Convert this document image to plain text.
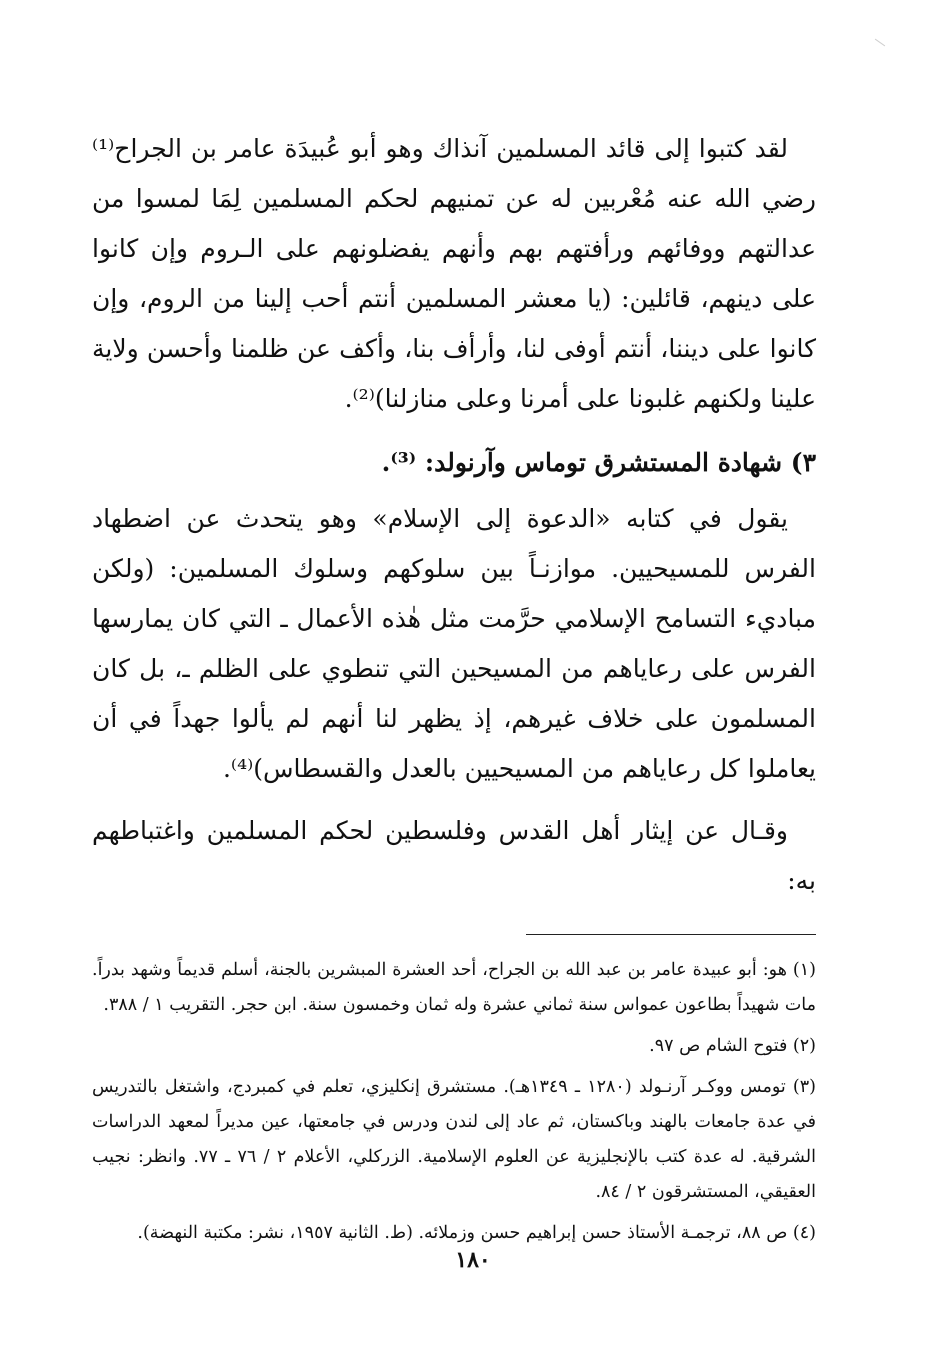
لقد كتبوا إلى قائد المسلمين آنذاك وهو أبو عُبيدَة عامر بن الجراح⁽¹⁾ رضي الله عنه مُعْربين له عن تمنيهم لحكم المسلمين لِمَا لمسوا من عدالتهم ووفائهم ورأفتهم بهم وأنهم يفضلونهم على الـروم وإن كانوا على دينهم، قائلين: (يا معشر المسلمين أنتم أحب إلينا من الروم، وإن كانوا على ديننا، أنتم أوفى لنا، وأرأف بنا، وأكف عن ظلمنا وأحسن ولاية علينا ولكنهم غلبونا على أمرنا وعلى منازلنا)⁽²⁾.

٣) شهادة المستشرق توماس وآرنولد: ⁽³⁾.

يقول في كتابه «الدعوة إلى الإسلام» وهو يتحدث عن اضطهاد الفرس للمسيحيين. موازنـاً بين سلوكهم وسلوك المسلمين: (ولكن مباديء التسامح الإسلامي حرَّمت مثل هٰذه الأعمال ـ التي كان يمارسها الفرس على رعاياهم من المسيحين التي تنطوي على الظلم ـ، بل كان المسلمون على خلاف غيرهم، إذ يظهر لنا أنهم لم يألوا جهداً في أن يعاملوا كل رعاياهم من المسيحيين بالعدل والقسطاس)⁽⁴⁾.

وقـال عن إيثار أهل القدس وفلسطين لحكم المسلمين واغتباطهم به:

(١) هو: أبو عبيدة عامر بن عبد الله بن الجراح، أحد العشرة المبشرين بالجنة، أسلم قديماً وشهد بدراً. مات شهيداً بطاعون عمواس سنة ثماني عشرة وله ثمان وخمسون سنة. ابن حجر. التقريب ١ / ٣٨٨.

(٢) فتوح الشام ص ٩٧.

(٣) تومس ووكـر آرنـولد (١٢٨٠ ـ ١٣٤٩هـ). مستشرق إنكليزي، تعلم في كمبردج، واشتغل بالتدريس في عدة جامعات بالهند وباكستان، ثم عاد إلى لندن ودرس في جامعتها، عين مديراً لمعهد الدراسات الشرقية. له عدة كتب بالإنجليزية عن العلوم الإسلامية. الزركلي، الأعلام ٢ / ٧٦ ـ ٧٧. وانظر: نجيب العقيقي، المستشرقون ٢ / ٨٤.

(٤) ص ٨٨، ترجمـة الأستاذ حسن إبراهيم حسن وزملائه. (ط. الثانية ١٩٥٧، نشر: مكتبة النهضة).

١٨٠
